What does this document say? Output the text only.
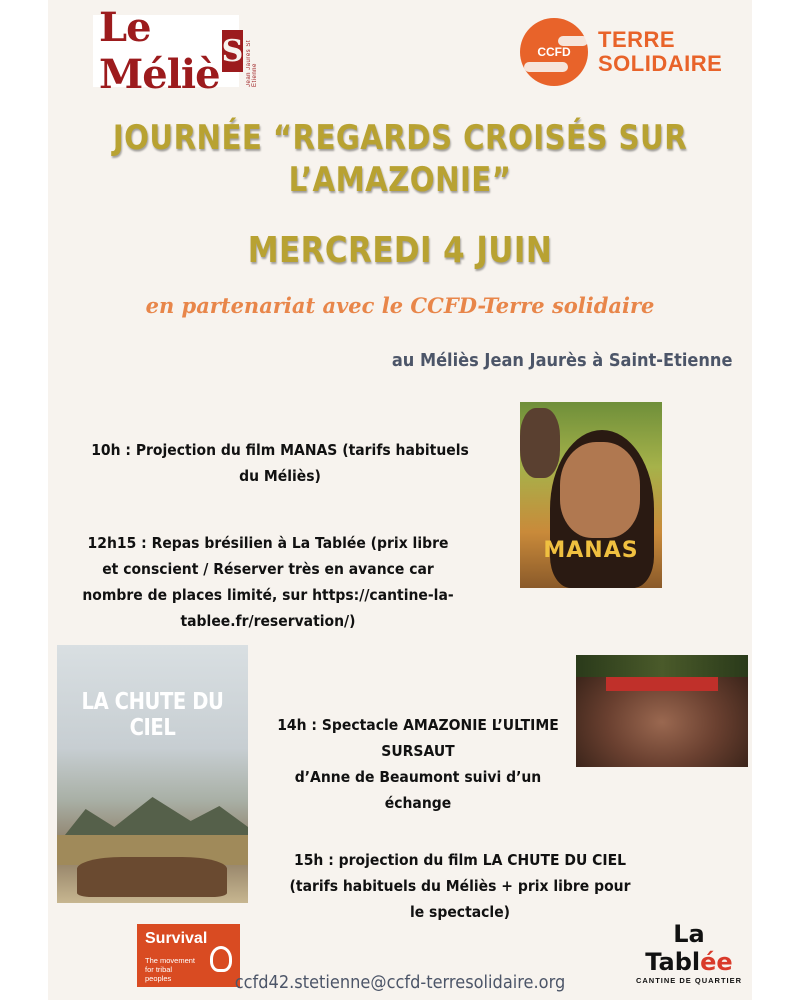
Le Méliè S Jean Jaurès St Etienne
CCFD TERRE
SOLIDAIRE
JOURNÉE “REGARDS CROISÉS SUR
L’AMAZONIE”
MERCREDI 4 JUIN
en partenariat avec le CCFD-Terre solidaire
au Méliès Jean Jaurès à Saint-Etienne
10h : Projection du film MANAS (tarifs habituels du Méliès)
12h15 : Repas brésilien à La Tablée (prix libre et conscient / Réserver très en avance car nombre de places limité, sur https://cantine-la-tablee.fr/reservation/)
14h : Spectacle AMAZONIE L’ULTIME SURSAUT
d’Anne de Beaumont suivi d’un échange
15h : projection du film LA CHUTE DU CIEL (tarifs habituels du Méliès + prix libre pour le spectacle)
MANAS
LA CHUTE DU CIEL
Survival
The movement for tribal peoples
La Tablée
CANTINE DE QUARTIER
ccfd42.stetienne@ccfd-terresolidaire.org
